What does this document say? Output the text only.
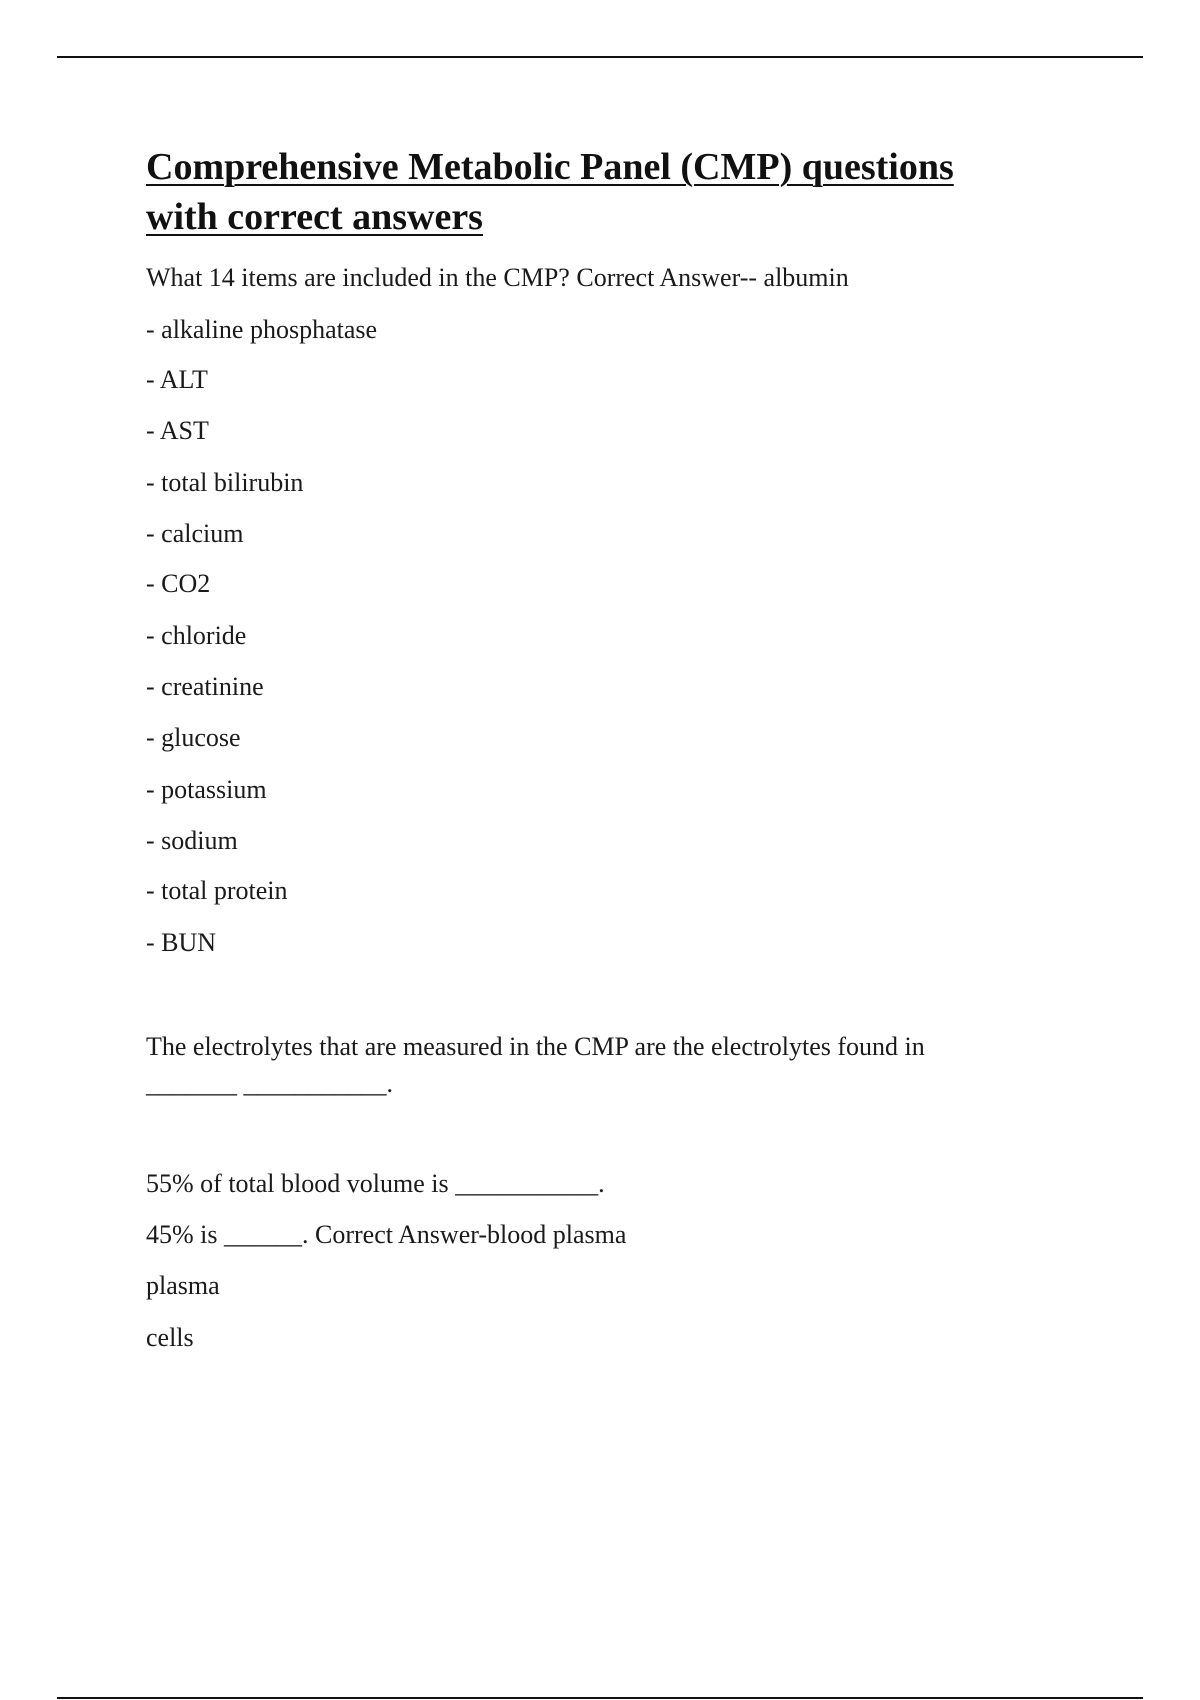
Comprehensive Metabolic Panel (CMP) questions
with correct answers

What 14 items are included in the CMP? Correct Answer-- albumin

- alkaline phosphatase

- ALT

- AST

- total bilirubin

- calcium

- CO2

- chloride

- creatinine

- glucose

- potassium

- sodium

- total protein

- BUN

The electrolytes that are measured in the CMP are the electrolytes found in

_______ ___________.

55% of total blood volume is ___________.

45% is ______. Correct Answer-blood plasma

plasma

cells
